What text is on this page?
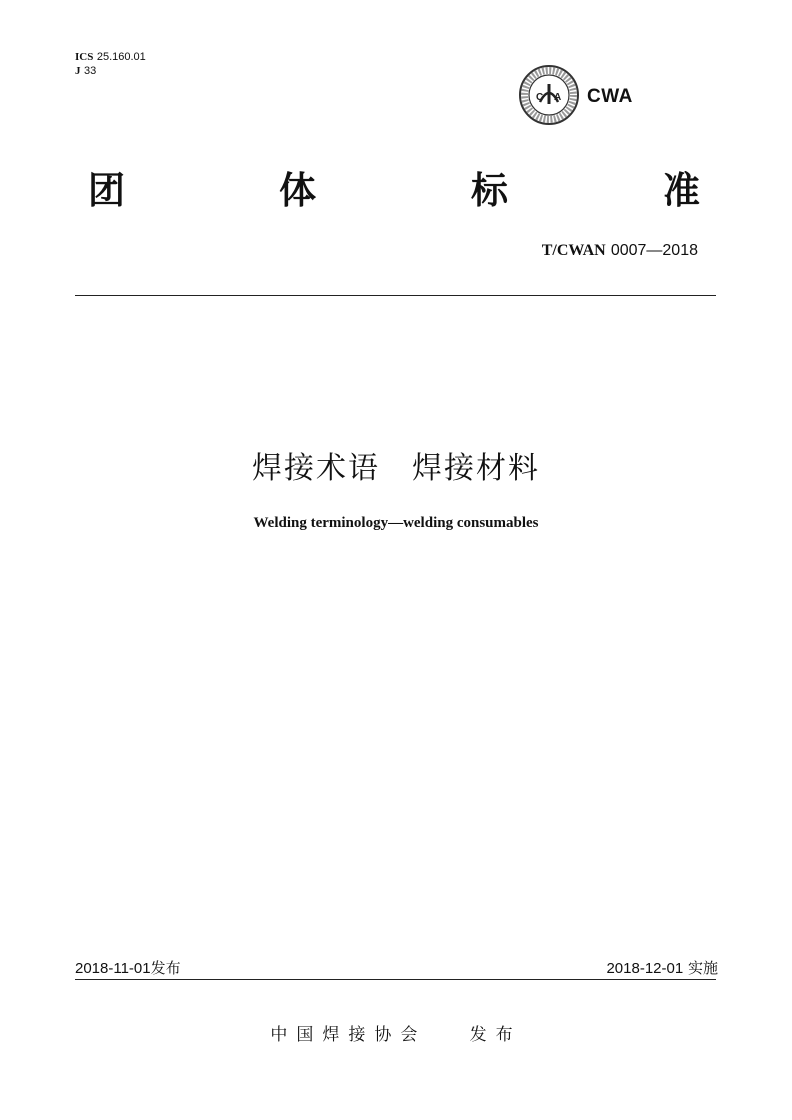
ICS 25.160.01
J 33
C A CWA
团	体	标	准
T/CWAN 0007—2018
焊接术语　焊接材料
Welding terminology—welding consumables
2018-11-01发布	2018-12-01 实施
中国焊接协会	发布
